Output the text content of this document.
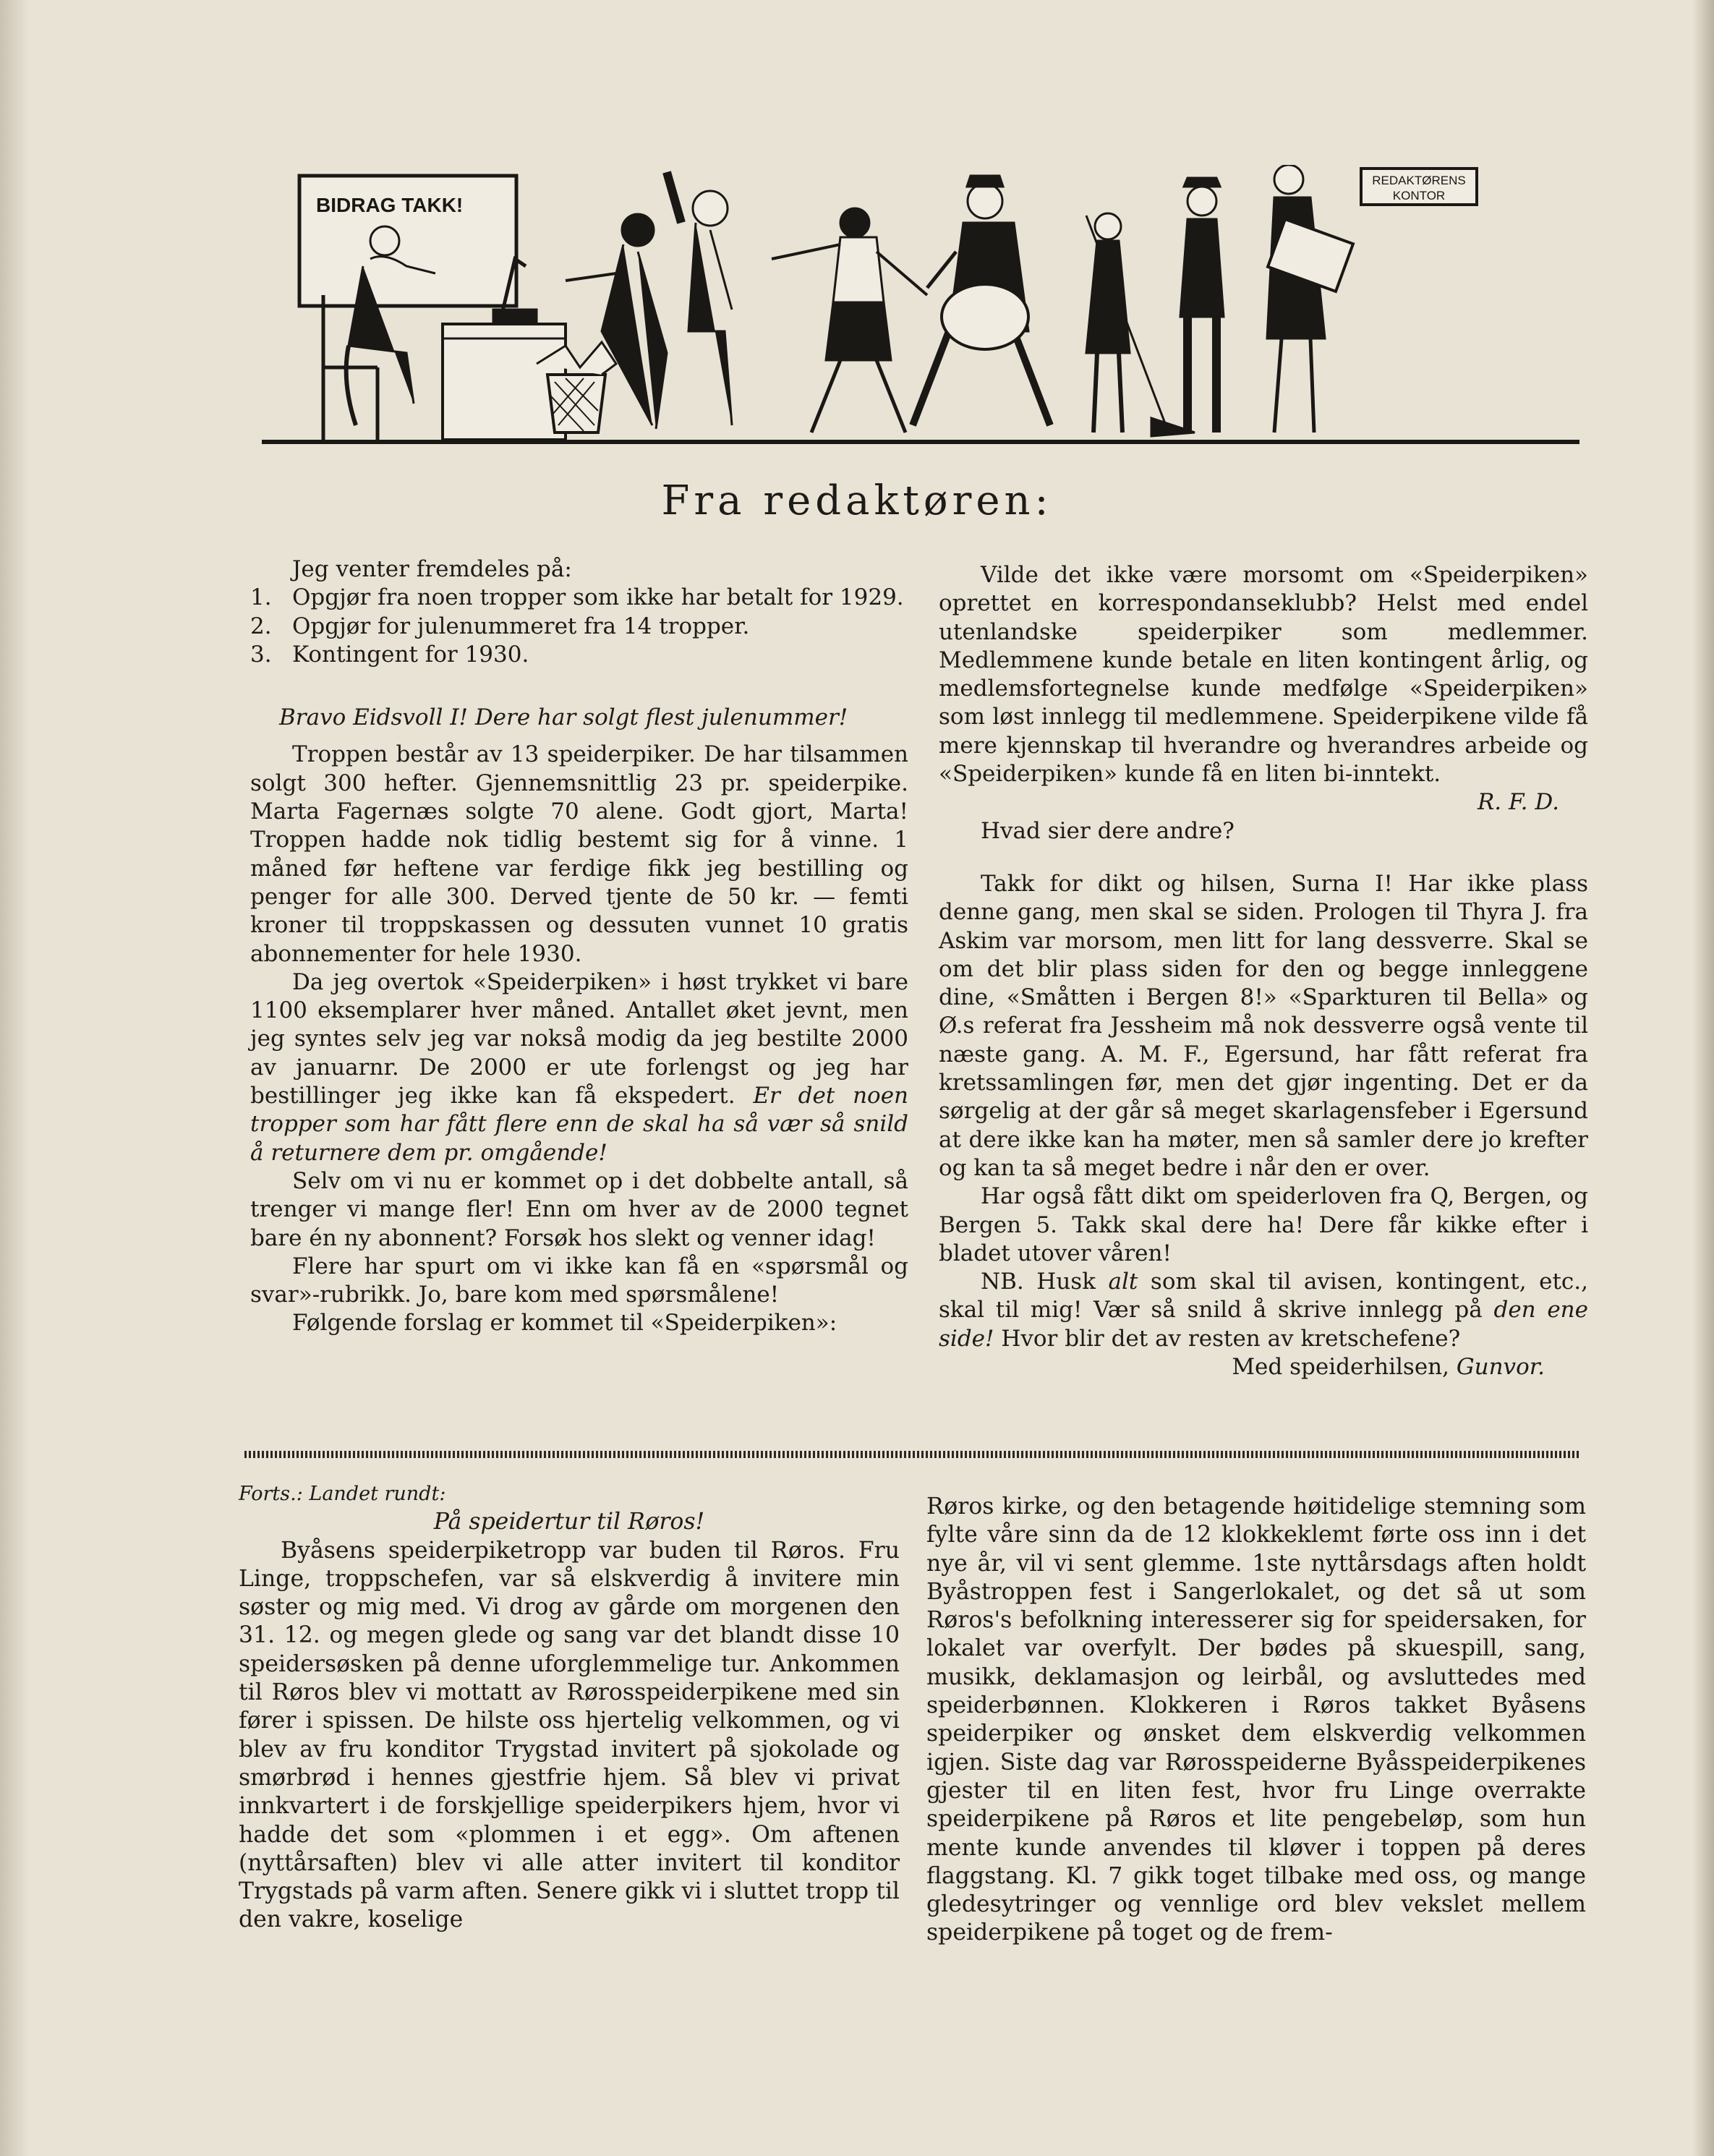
BIDRAG TAKK!
REDAKTØRENS
KONTOR
Fra redaktøren:

Jeg venter fremdeles på:

1. Opgjør fra noen tropper som ikke har betalt for 1929.
2. Opgjør for julenummeret fra 14 tropper.
3. Kontingent for 1930.

Bravo Eidsvoll I! Dere har solgt flest julenummer!

Troppen består av 13 speiderpiker. De har tilsammen solgt 300 hefter. Gjennemsnittlig 23 pr. speiderpike. Marta Fagernæs solgte 70 alene. Godt gjort, Marta! Troppen hadde nok tidlig bestemt sig for å vinne. 1 måned før heftene var ferdige fikk jeg bestilling og penger for alle 300. Derved tjente de 50 kr. — femti kroner til troppskassen og dessuten vunnet 10 gratis abonnementer for hele 1930.

Da jeg overtok «Speiderpiken» i høst trykket vi bare 1100 eksemplarer hver måned. Antallet øket jevnt, men jeg syntes selv jeg var nokså modig da jeg bestilte 2000 av januarnr. De 2000 er ute forlengst og jeg har bestillinger jeg ikke kan få ekspedert. Er det noen tropper som har fått flere enn de skal ha så vær så snild å returnere dem pr. omgående!

Selv om vi nu er kommet op i det dobbelte antall, så trenger vi mange fler! Enn om hver av de 2000 tegnet bare én ny abonnent? Forsøk hos slekt og venner idag!

Flere har spurt om vi ikke kan få en «spørsmål og svar»-rubrikk. Jo, bare kom med spørsmålene!

Følgende forslag er kommet til «Speiderpiken»:

Vilde det ikke være morsomt om «Speiderpiken» oprettet en korrespondanseklubb? Helst med endel utenlandske speiderpiker som medlemmer. Medlemmene kunde betale en liten kontingent årlig, og medlemsfortegnelse kunde medfølge «Speiderpiken» som løst innlegg til medlemmene. Speiderpikene vilde få mere kjennskap til hverandre og hverandres arbeide og «Speiderpiken» kunde få en liten bi-inntekt.

R. F. D.

Hvad sier dere andre?

Takk for dikt og hilsen, Surna I! Har ikke plass denne gang, men skal se siden. Prologen til Thyra J. fra Askim var morsom, men litt for lang dessverre. Skal se om det blir plass siden for den og begge innleggene dine, «Småtten i Bergen 8!» «Sparkturen til Bella» og Ø.s referat fra Jessheim må nok dessverre også vente til næste gang. A. M. F., Egersund, har fått referat fra kretssamlingen før, men det gjør ingenting. Det er da sørgelig at der går så meget skarlagensfeber i Egersund at dere ikke kan ha møter, men så samler dere jo krefter og kan ta så meget bedre i når den er over.

Har også fått dikt om speiderloven fra Q, Bergen, og Bergen 5. Takk skal dere ha! Dere får kikke efter i bladet utover våren!

NB. Husk alt som skal til avisen, kontingent, etc., skal til mig! Vær så snild å skrive innlegg på den ene side! Hvor blir det av resten av kretschefene?

Med speiderhilsen, Gunvor.

Forts.: Landet rundt:

På speidertur til Røros!

Byåsens speiderpiketropp var buden til Røros. Fru Linge, troppschefen, var så elskverdig å invitere min søster og mig med. Vi drog av gårde om morgenen den 31. 12. og megen glede og sang var det blandt disse 10 speidersøsken på denne uforglemmelige tur. Ankommen til Røros blev vi mottatt av Rørosspeiderpikene med sin fører i spissen. De hilste oss hjertelig velkommen, og vi blev av fru konditor Trygstad invitert på sjokolade og smørbrød i hennes gjestfrie hjem. Så blev vi privat innkvartert i de forskjellige speiderpikers hjem, hvor vi hadde det som «plommen i et egg». Om aftenen (nyttårsaften) blev vi alle atter invitert til konditor Trygstads på varm aften. Senere gikk vi i sluttet tropp til den vakre, koselige

Røros kirke, og den betagende høitidelige stemning som fylte våre sinn da de 12 klokkeklemt førte oss inn i det nye år, vil vi sent glemme. 1ste nyttårsdags aften holdt Byåstroppen fest i Sangerlokalet, og det så ut som Røros's befolkning interesserer sig for speidersaken, for lokalet var overfylt. Der bødes på skuespill, sang, musikk, deklamasjon og leirbål, og avsluttedes med speiderbønnen. Klokkeren i Røros takket Byåsens speiderpiker og ønsket dem elskverdig velkommen igjen. Siste dag var Rørosspeiderne Byåsspeiderpikenes gjester til en liten fest, hvor fru Linge overrakte speiderpikene på Røros et lite pengebeløp, som hun mente kunde anvendes til kløver i toppen på deres flaggstang. Kl. 7 gikk toget tilbake med oss, og mange gledesytringer og vennlige ord blev vekslet mellem speiderpikene på toget og de frem-
